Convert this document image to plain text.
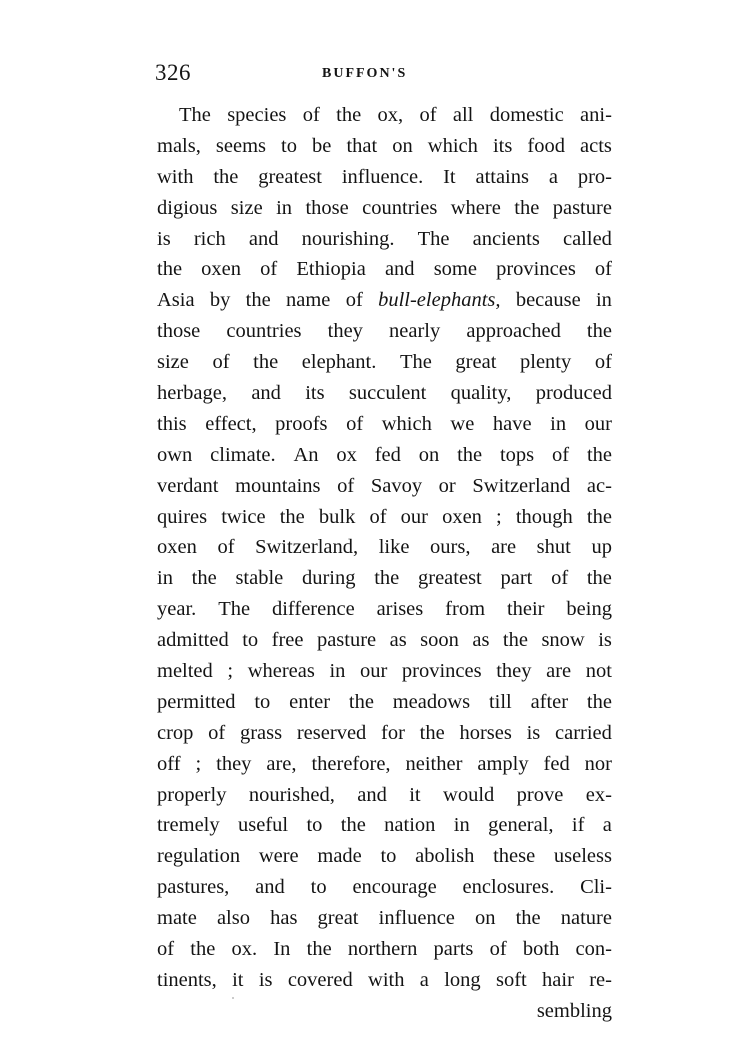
326	BUFFON'S
The species of the ox, of all domestic ani-
mals, seems to be that on which its food acts
with the greatest influence. It attains a pro-
digious size in those countries where the pasture
is rich and nourishing. The ancients called
the oxen of Ethiopia and some provinces of
Asia by the name of bull-elephants, because in
those countries they nearly approached the
size of the elephant. The great plenty of
herbage, and its succulent quality, produced
this effect, proofs of which we have in our
own climate. An ox fed on the tops of the
verdant mountains of Savoy or Switzerland ac-
quires twice the bulk of our oxen ; though the
oxen of Switzerland, like ours, are shut up
in the stable during the greatest part of the
year. The difference arises from their being
admitted to free pasture as soon as the snow is
melted ; whereas in our provinces they are not
permitted to enter the meadows till after the
crop of grass reserved for the horses is carried
off ; they are, therefore, neither amply fed nor
properly nourished, and it would prove ex-
tremely useful to the nation in general, if a
regulation were made to abolish these useless
pastures, and to encourage enclosures. Cli-
mate also has great influence on the nature
of the ox. In the northern parts of both con-
tinents, it is covered with a long soft hair re-
sembling
